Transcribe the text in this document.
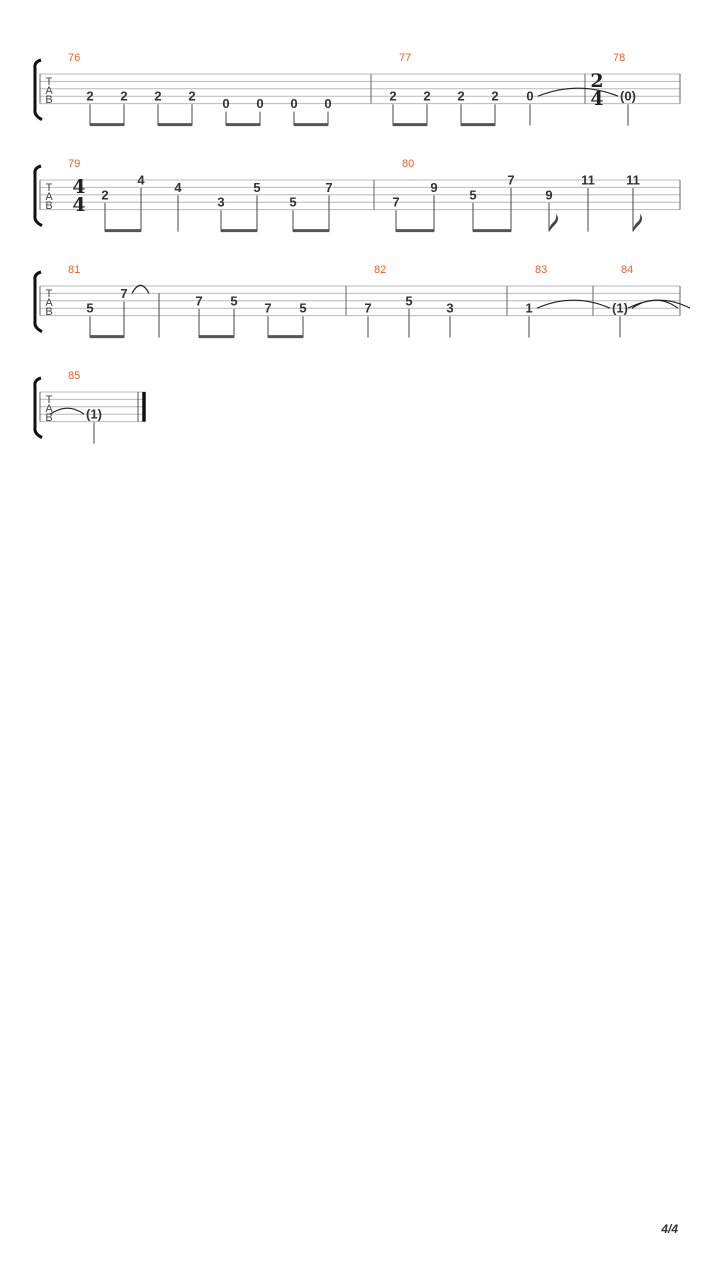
T
A
B
76
2 2 2 2 0 0 0 0
77
2 2 2 2 0
78
2
4 (0)
T
A
B
79
4
4 2
4 4
3
5
5
7
80
7
9 5
7
9
11 11
T
A
B
81
5
7	7 5 7 5
82
7	5	3
83
1
84
(1)
T
A
B
85
(1)
4/4
